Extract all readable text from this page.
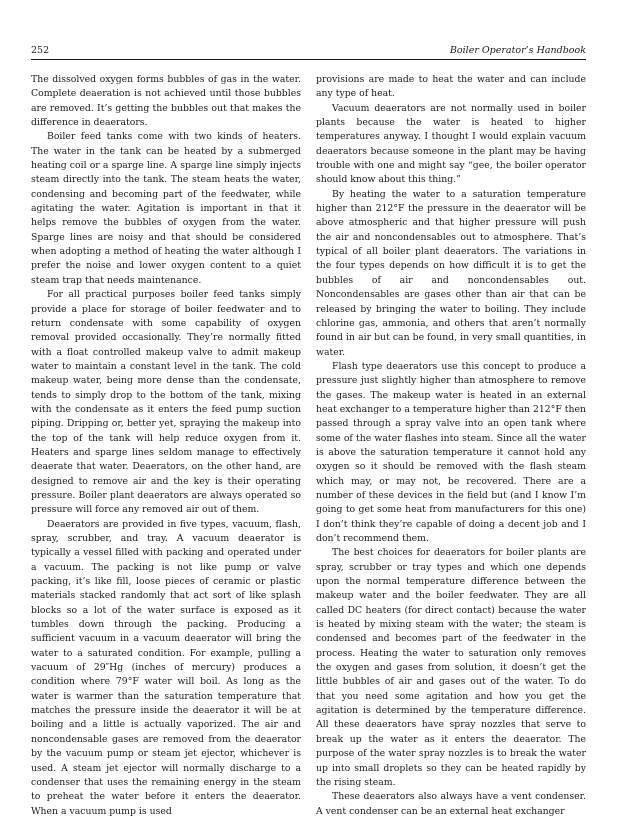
252	Boiler Operator’s Handbook

The dissolved oxygen forms bubbles of gas in the water. Complete deaeration is not achieved until those bubbles are removed. It’s getting the bubbles out that makes the difference in deaerators.

Boiler feed tanks come with two kinds of heaters. The water in the tank can be heated by a submerged heating coil or a sparge line. A sparge line simply injects steam directly into the tank. The steam heats the water, condensing and becoming part of the feedwater, while agitating the water. Agitation is important in that it helps remove the bubbles of oxygen from the water. Sparge lines are noisy and that should be considered when adopting a method of heating the water although I prefer the noise and lower oxygen content to a quiet steam trap that needs maintenance.

For all practical purposes boiler feed tanks simply provide a place for storage of boiler feedwater and to return condensate with some capability of oxygen removal provided occasionally. They’re normally fitted with a float controlled makeup valve to admit makeup water to maintain a constant level in the tank. The cold makeup water, being more dense than the condensate, tends to simply drop to the bottom of the tank, mixing with the condensate as it enters the feed pump suction piping. Dripping or, better yet, spraying the makeup into the top of the tank will help reduce oxygen from it. Heaters and sparge lines seldom manage to effectively deaerate that water. Deaerators, on the other hand, are designed to remove air and the key is their operating pressure. Boiler plant deaerators are always operated so pressure will force any removed air out of them.

Deaerators are provided in five types, vacuum, flash, spray, scrubber, and tray. A vacuum deaerator is typically a vessel filled with packing and operated under a vacuum. The packing is not like pump or valve packing, it’s like fill, loose pieces of ceramic or plastic materials stacked randomly that act sort of like splash blocks so a lot of the water surface is exposed as it tumbles down through the packing. Producing a sufficient vacuum in a vacuum deaerator will bring the water to a saturated condition. For example, pulling a vacuum of 29″Hg (inches of mercury) produces a condition where 79°F water will boil. As long as the water is warmer than the saturation temperature that matches the pressure inside the deaerator it will be at boiling and a little is actually vaporized. The air and noncondensable gases are removed from the deaerator by the vacuum pump or steam jet ejector, whichever is used. A steam jet ejector will normally discharge to a condenser that uses the remaining energy in the steam to preheat the water before it enters the deaerator. When a vacuum pump is used

provisions are made to heat the water and can include any type of heat.

Vacuum deaerators are not normally used in boiler plants because the water is heated to higher temperatures anyway. I thought I would explain vacuum deaerators because someone in the plant may be having trouble with one and might say “gee, the boiler operator should know about this thing.”

By heating the water to a saturation temperature higher than 212°F the pressure in the deaerator will be above atmospheric and that higher pressure will push the air and noncondensables out to atmosphere. That’s typical of all boiler plant deaerators. The variations in the four types depends on how difficult it is to get the bubbles of air and noncondensables out. Noncondensables are gases other than air that can be released by bringing the water to boiling. They include chlorine gas, ammonia, and others that aren’t normally found in air but can be found, in very small quantities, in water.

Flash type deaerators use this concept to produce a pressure just slightly higher than atmosphere to remove the gases. The makeup water is heated in an external heat exchanger to a temperature higher than 212°F then passed through a spray valve into an open tank where some of the water flashes into steam. Since all the water is above the saturation temperature it cannot hold any oxygen so it should be removed with the flash steam which may, or may not, be recovered. There are a number of these devices in the field but (and I know I’m going to get some heat from manufacturers for this one) I don’t think they’re capable of doing a decent job and I don’t recommend them.

The best choices for deaerators for boiler plants are spray, scrubber or tray types and which one depends upon the normal temperature difference between the makeup water and the boiler feedwater. They are all called DC heaters (for direct contact) because the water is heated by mixing steam with the water; the steam is condensed and becomes part of the feedwater in the process. Heating the water to saturation only removes the oxygen and gases from solution, it doesn’t get the little bubbles of air and gases out of the water. To do that you need some agitation and how you get the agitation is determined by the temperature difference. All these deaerators have spray nozzles that serve to break up the water as it enters the deaerator. The purpose of the water spray nozzles is to break the water up into small droplets so they can be heated rapidly by the rising steam.

These deaerators also always have a vent condenser. A vent condenser can be an external heat exchanger
